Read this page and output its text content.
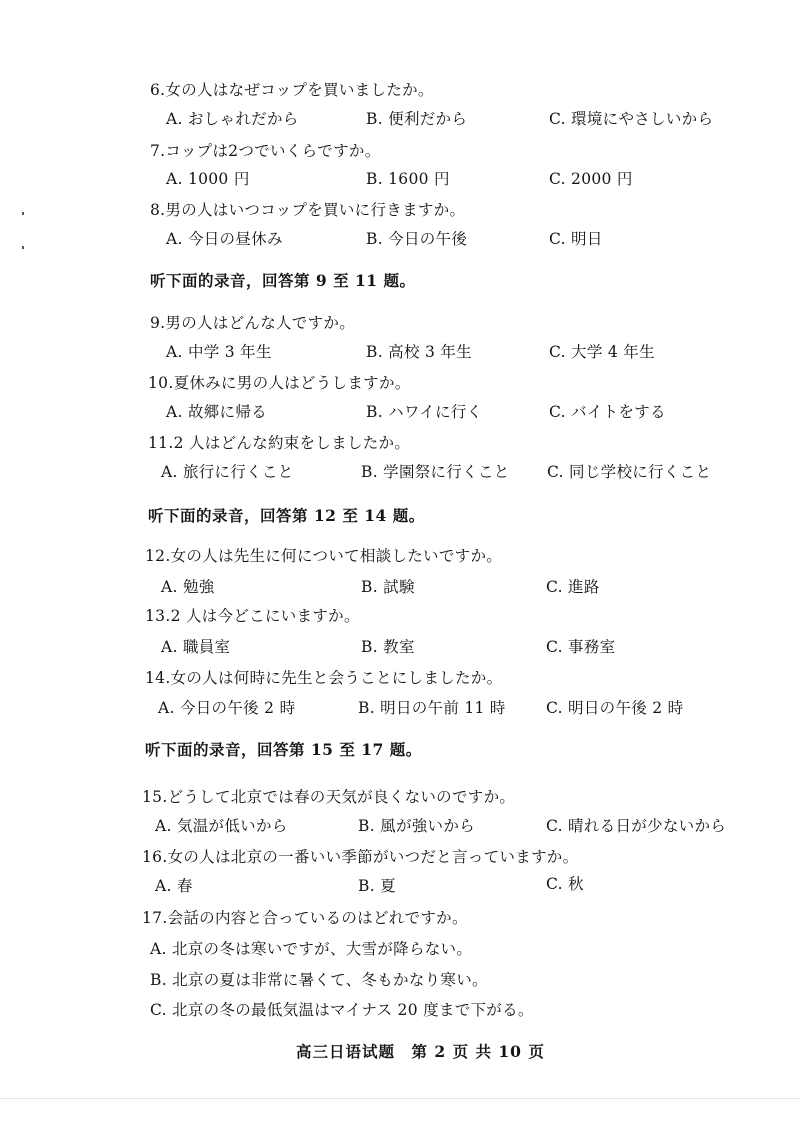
6.女の人はなぜコップを買いましたか。
A. おしゃれだから	B. 便利だから	C. 環境にやさしいから
7.コップは2つでいくらですか。
A. 1000 円	B. 1600 円	C. 2000 円
8.男の人はいつコップを買いに行きますか。
A. 今日の昼休み	B. 今日の午後	C. 明日
听下面的录音，回答第 9 至 11 题。
9.男の人はどんな人ですか。
A. 中学 3 年生	B. 高校 3 年生	C. 大学 4 年生
10.夏休みに男の人はどうしますか。
A. 故郷に帰る	B. ハワイに行く	C. バイトをする
11.2 人はどんな約束をしましたか。
A. 旅行に行くこと	B. 学園祭に行くこと C. 同じ学校に行くこと
听下面的录音，回答第 12 至 14 题。
12.女の人は先生に何について相談したいですか。
A. 勉強	B. 試験	C. 進路
13.2 人は今どこにいますか。
A. 職員室	B. 教室	C. 事務室
14.女の人は何時に先生と会うことにしましたか。
A. 今日の午後 2 時	B. 明日の午前 11 時	C. 明日の午後 2 時
听下面的录音，回答第 15 至 17 题。
15.どうして北京では春の天気が良くないのですか。
A. 気温が低いから	B. 風が強いから	C. 晴れる日が少ないから
16.女の人は北京の一番いい季節がいつだと言っていますか。
A. 春	B. 夏	C. 秋
17.会話の内容と合っているのはどれですか。
A. 北京の冬は寒いですが、大雪が降らない。
B. 北京の夏は非常に暑くて、冬もかなり寒い。
C. 北京の冬の最低気温はマイナス 20 度まで下がる。
高三日语试题　第 2 页 共 10 页
